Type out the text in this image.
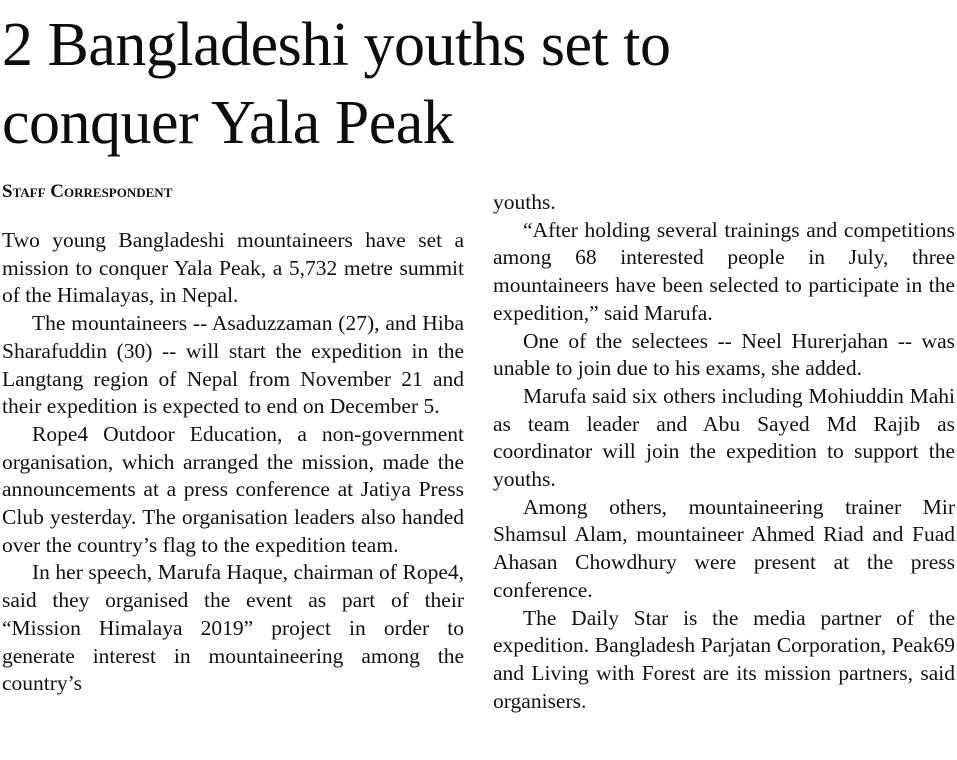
2 Bangladeshi youths set to
conquer Yala Peak
Staff Correspondent

Two young Bangladeshi mountaineers have set a mission to conquer Yala Peak, a 5,732 metre summit of the Himalayas, in Nepal.

The mountaineers -- Asaduzzaman (27), and Hiba Sharafuddin (30) -- will start the expedition in the Langtang region of Nepal from November 21 and their expedition is expected to end on December 5.

Rope4 Outdoor Education, a non-government organisation, which arranged the mission, made the announcements at a press conference at Jatiya Press Club yesterday. The organisation leaders also handed over the country’s flag to the expedition team.

In her speech, Marufa Haque, chairman of Rope4, said they organised the event as part of their “Mission Himalaya 2019” project in order to generate interest in mountaineering among the country’s

youths.

“After holding several trainings and competitions among 68 interested people in July, three mountaineers have been selected to participate in the expedition,” said Marufa.

One of the selectees -- Neel Hurerjahan -- was unable to join due to his exams, she added.

Marufa said six others including Mohiuddin Mahi as team leader and Abu Sayed Md Rajib as coordinator will join the expedition to support the youths.

Among others, mountaineering trainer Mir Shamsul Alam, mountaineer Ahmed Riad and Fuad Ahasan Chowdhury were present at the press conference.

The Daily Star is the media partner of the expedition. Bangladesh Parjatan Corporation, Peak69 and Living with Forest are its mission partners, said organisers.
